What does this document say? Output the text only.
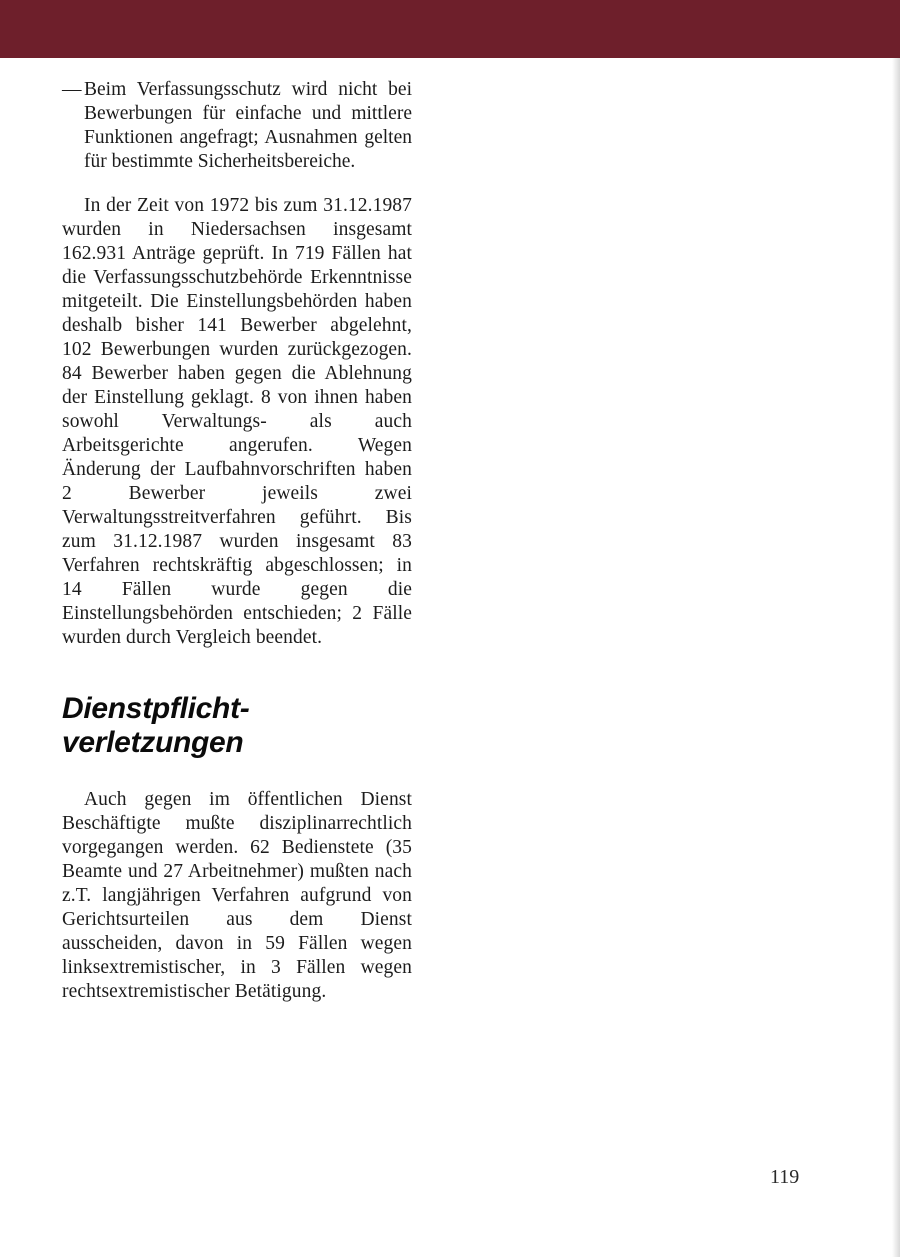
— Beim Verfassungsschutz wird nicht bei Bewerbungen für einfache und mittlere Funktionen angefragt; Ausnahmen gelten für bestimmte Sicherheitsbereiche.

In der Zeit von 1972 bis zum 31.12.1987 wurden in Niedersachsen insgesamt 162.931 Anträge geprüft. In 719 Fällen hat die Verfassungsschutzbehörde Erkenntnisse mitgeteilt. Die Einstellungsbehörden haben deshalb bisher 141 Bewerber abgelehnt, 102 Bewerbungen wurden zurückgezogen. 84 Bewerber haben gegen die Ablehnung der Einstellung geklagt. 8 von ihnen haben sowohl Verwaltungs- als auch Arbeitsgerichte angerufen. Wegen Änderung der Laufbahnvorschriften haben 2 Bewerber jeweils zwei Verwaltungsstreitverfahren geführt. Bis zum 31.12.1987 wurden insgesamt 83 Verfahren rechtskräftig abgeschlossen; in 14 Fällen wurde gegen die Einstellungsbehörden entschieden; 2 Fälle wurden durch Vergleich beendet.

Dienstpflicht-
verletzungen

Auch gegen im öffentlichen Dienst Beschäftigte mußte disziplinarrechtlich vorgegangen werden. 62 Bedienstete (35 Beamte und 27 Arbeitnehmer) mußten nach z.T. langjährigen Verfahren aufgrund von Gerichtsurteilen aus dem Dienst ausscheiden, davon in 59 Fällen wegen linksextremistischer, in 3 Fällen wegen rechtsextremistischer Betätigung.

119
